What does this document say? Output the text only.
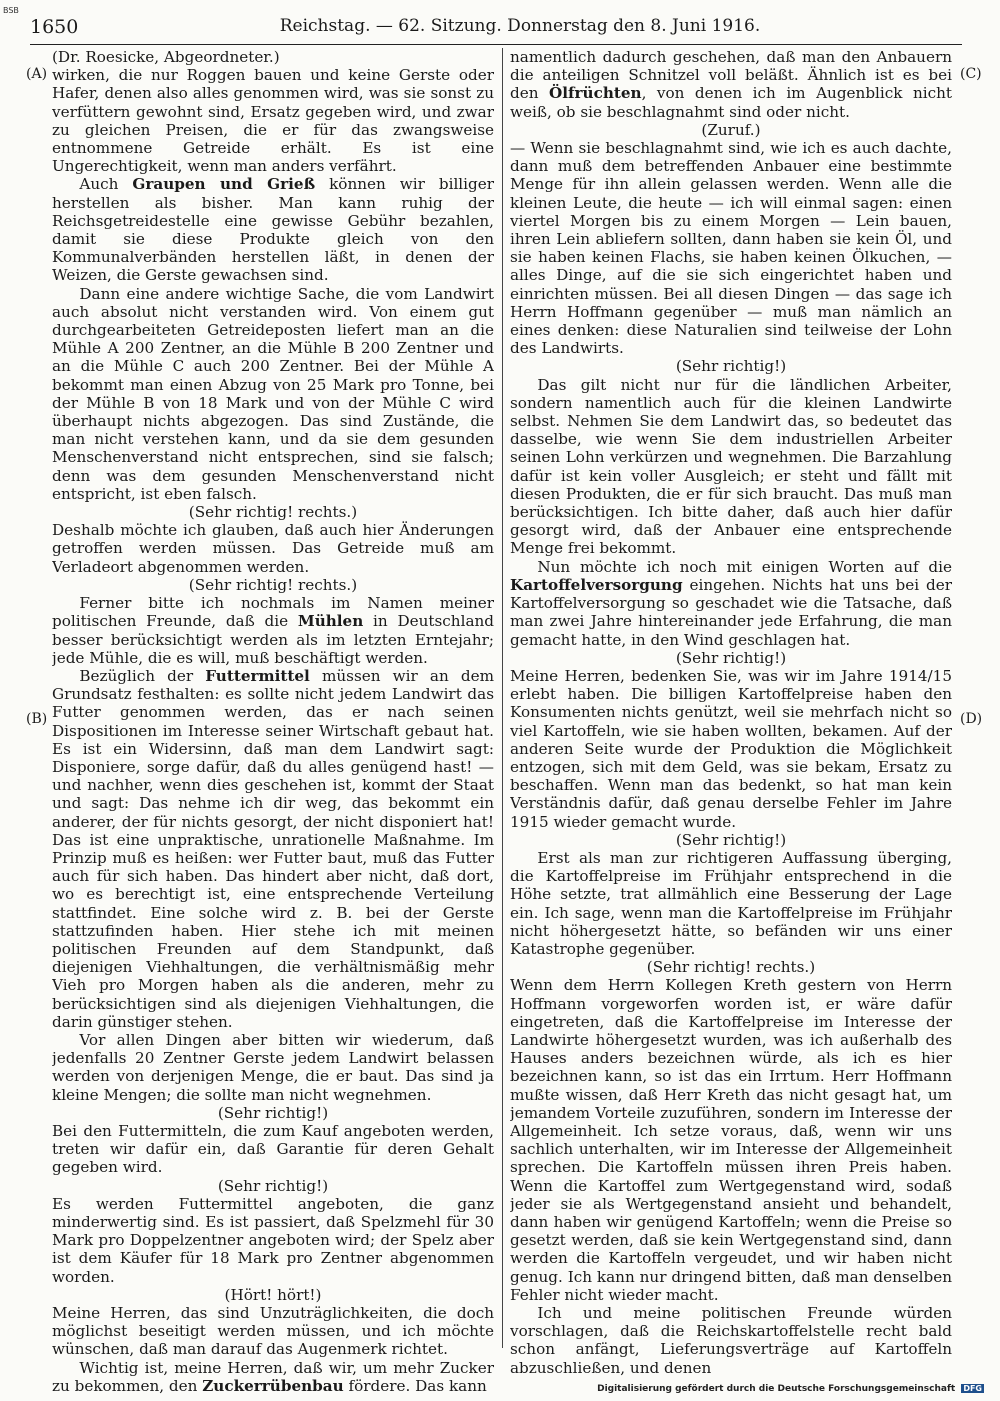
BSB
1650	Reichstag. — 62. Sitzung. Donnerstag den 8. Juni 1916.
(A)
(B)
(C)
(D)

(Dr. Roesicke, Abgeordneter.)

wirken, die nur Roggen bauen und keine Gerste oder Hafer, denen also alles genommen wird, was sie sonst zu verfüttern gewohnt sind, Ersatz gegeben wird, und zwar zu gleichen Preisen, die er für das zwangsweise entnommene Getreide erhält. Es ist eine Ungerechtigkeit, wenn man anders verfährt.

Auch Graupen und Grieß können wir billiger herstellen als bisher. Man kann ruhig der Reichsgetreidestelle eine gewisse Gebühr bezahlen, damit sie diese Produkte gleich von den Kommunalverbänden herstellen läßt, in denen der Weizen, die Gerste gewachsen sind.

Dann eine andere wichtige Sache, die vom Landwirt auch absolut nicht verstanden wird. Von einem gut durchgearbeiteten Getreideposten liefert man an die Mühle A 200 Zentner, an die Mühle B 200 Zentner und an die Mühle C auch 200 Zentner. Bei der Mühle A bekommt man einen Abzug von 25 Mark pro Tonne, bei der Mühle B von 18 Mark und von der Mühle C wird überhaupt nichts abgezogen. Das sind Zustände, die man nicht verstehen kann, und da sie dem gesunden Menschenverstand nicht entsprechen, sind sie falsch; denn was dem gesunden Menschenverstand nicht entspricht, ist eben falsch.

(Sehr richtig! rechts.)

Deshalb möchte ich glauben, daß auch hier Änderungen getroffen werden müssen. Das Getreide muß am Verladeort abgenommen werden.

(Sehr richtig! rechts.)

Ferner bitte ich nochmals im Namen meiner politischen Freunde, daß die Mühlen in Deutschland besser berücksichtigt werden als im letzten Erntejahr; jede Mühle, die es will, muß beschäftigt werden.

Bezüglich der Futtermittel müssen wir an dem Grundsatz festhalten: es sollte nicht jedem Landwirt das Futter genommen werden, das er nach seinen Dispositionen im Interesse seiner Wirtschaft gebaut hat. Es ist ein Widersinn, daß man dem Landwirt sagt: Disponiere, sorge dafür, daß du alles genügend hast! — und nachher, wenn dies geschehen ist, kommt der Staat und sagt: Das nehme ich dir weg, das bekommt ein anderer, der für nichts gesorgt, der nicht disponiert hat! Das ist eine unpraktische, unrationelle Maßnahme. Im Prinzip muß es heißen: wer Futter baut, muß das Futter auch für sich haben. Das hindert aber nicht, daß dort, wo es berechtigt ist, eine entsprechende Verteilung stattfindet. Eine solche wird z. B. bei der Gerste stattzufinden haben. Hier stehe ich mit meinen politischen Freunden auf dem Standpunkt, daß diejenigen Viehhaltungen, die verhältnismäßig mehr Vieh pro Morgen haben als die anderen, mehr zu berücksichtigen sind als diejenigen Viehhaltungen, die darin günstiger stehen.

Vor allen Dingen aber bitten wir wiederum, daß jedenfalls 20 Zentner Gerste jedem Landwirt belassen werden von derjenigen Menge, die er baut. Das sind ja kleine Mengen; die sollte man nicht wegnehmen.

(Sehr richtig!)

Bei den Futtermitteln, die zum Kauf angeboten werden, treten wir dafür ein, daß Garantie für deren Gehalt gegeben wird.

(Sehr richtig!)

Es werden Futtermittel angeboten, die ganz minderwertig sind. Es ist passiert, daß Spelzmehl für 30 Mark pro Doppelzentner angeboten wird; der Spelz aber ist dem Käufer für 18 Mark pro Zentner abgenommen worden.

(Hört! hört!)

Meine Herren, das sind Unzuträglichkeiten, die doch möglichst beseitigt werden müssen, und ich möchte wünschen, daß man darauf das Augenmerk richtet.

Wichtig ist, meine Herren, daß wir, um mehr Zucker zu bekommen, den Zuckerrübenbau fördere. Das kann

namentlich dadurch geschehen, daß man den Anbauern die anteiligen Schnitzel voll beläßt. Ähnlich ist es bei den Ölfrüchten, von denen ich im Augenblick nicht weiß, ob sie beschlagnahmt sind oder nicht.

(Zuruf.)

— Wenn sie beschlagnahmt sind, wie ich es auch dachte, dann muß dem betreffenden Anbauer eine bestimmte Menge für ihn allein gelassen werden. Wenn alle die kleinen Leute, die heute — ich will einmal sagen: einen viertel Morgen bis zu einem Morgen — Lein bauen, ihren Lein abliefern sollten, dann haben sie kein Öl, und sie haben keinen Flachs, sie haben keinen Ölkuchen, — alles Dinge, auf die sie sich eingerichtet haben und einrichten müssen. Bei all diesen Dingen — das sage ich Herrn Hoffmann gegenüber — muß man nämlich an eines denken: diese Naturalien sind teilweise der Lohn des Landwirts.

(Sehr richtig!)

Das gilt nicht nur für die ländlichen Arbeiter, sondern namentlich auch für die kleinen Landwirte selbst. Nehmen Sie dem Landwirt das, so bedeutet das dasselbe, wie wenn Sie dem industriellen Arbeiter seinen Lohn verkürzen und wegnehmen. Die Barzahlung dafür ist kein voller Ausgleich; er steht und fällt mit diesen Produkten, die er für sich braucht. Das muß man berücksichtigen. Ich bitte daher, daß auch hier dafür gesorgt wird, daß der Anbauer eine entsprechende Menge frei bekommt.

Nun möchte ich noch mit einigen Worten auf die Kartoffelversorgung eingehen. Nichts hat uns bei der Kartoffelversorgung so geschadet wie die Tatsache, daß man zwei Jahre hintereinander jede Erfahrung, die man gemacht hatte, in den Wind geschlagen hat.

(Sehr richtig!)

Meine Herren, bedenken Sie, was wir im Jahre 1914/15 erlebt haben. Die billigen Kartoffelpreise haben den Konsumenten nichts genützt, weil sie mehrfach nicht so viel Kartoffeln, wie sie haben wollten, bekamen. Auf der anderen Seite wurde der Produktion die Möglichkeit entzogen, sich mit dem Geld, was sie bekam, Ersatz zu beschaffen. Wenn man das bedenkt, so hat man kein Verständnis dafür, daß genau derselbe Fehler im Jahre 1915 wieder gemacht wurde.

(Sehr richtig!)

Erst als man zur richtigeren Auffassung überging, die Kartoffelpreise im Frühjahr entsprechend in die Höhe setzte, trat allmählich eine Besserung der Lage ein. Ich sage, wenn man die Kartoffelpreise im Frühjahr nicht höhergesetzt hätte, so befänden wir uns einer Katastrophe gegenüber.

(Sehr richtig! rechts.)

Wenn dem Herrn Kollegen Kreth gestern von Herrn Hoffmann vorgeworfen worden ist, er wäre dafür eingetreten, daß die Kartoffelpreise im Interesse der Landwirte höhergesetzt wurden, was ich außerhalb des Hauses anders bezeichnen würde, als ich es hier bezeichnen kann, so ist das ein Irrtum. Herr Hoffmann mußte wissen, daß Herr Kreth das nicht gesagt hat, um jemandem Vorteile zuzuführen, sondern im Interesse der Allgemeinheit. Ich setze voraus, daß, wenn wir uns sachlich unterhalten, wir im Interesse der Allgemeinheit sprechen. Die Kartoffeln müssen ihren Preis haben. Wenn die Kartoffel zum Wertgegenstand wird, sodaß jeder sie als Wertgegenstand ansieht und behandelt, dann haben wir genügend Kartoffeln; wenn die Preise so gesetzt werden, daß sie kein Wertgegenstand sind, dann werden die Kartoffeln vergeudet, und wir haben nicht genug. Ich kann nur dringend bitten, daß man denselben Fehler nicht wieder macht.

Ich und meine politischen Freunde würden vorschlagen, daß die Reichskartoffelstelle recht bald schon anfängt, Lieferungsverträge auf Kartoffeln abzuschließen, und denen

Digitalisierung gefördert durch die Deutsche Forschungsgemeinschaft DFG
